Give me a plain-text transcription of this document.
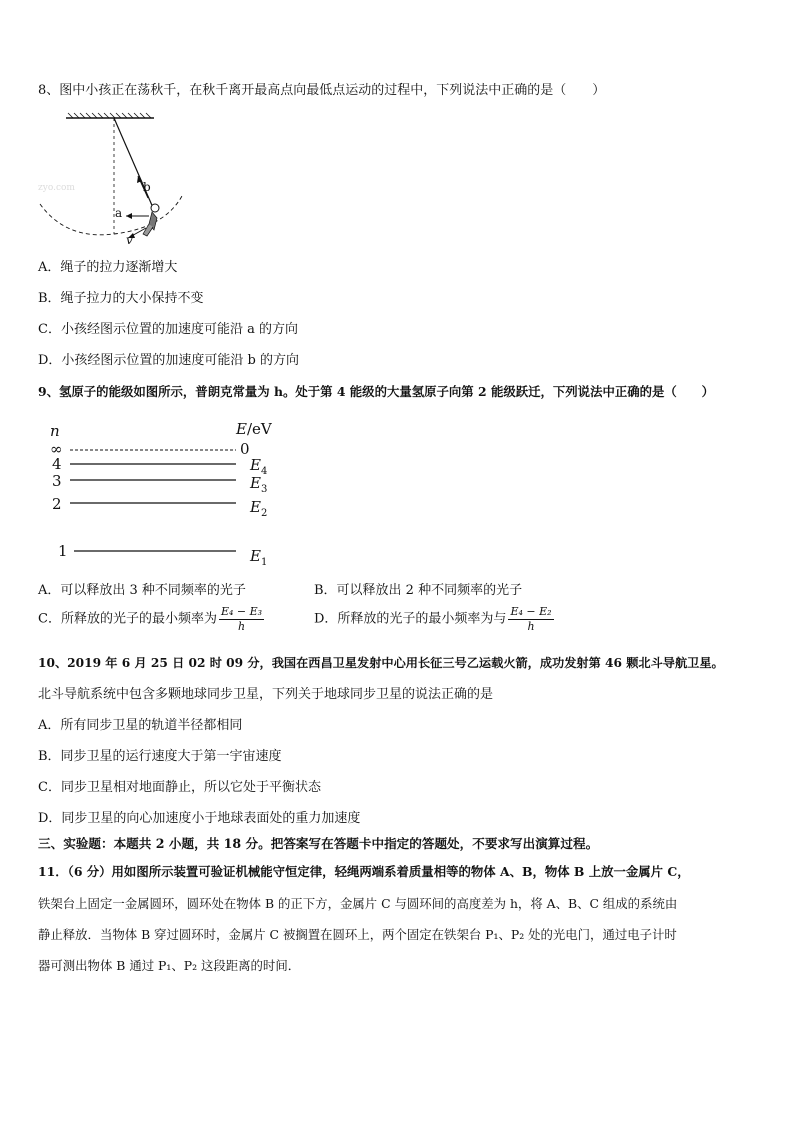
8、图中小孩正在荡秋千，在秋千离开最高点向最低点运动的过程中，下列说法中正确的是（　　）
b
a
v
zyo.com
A．绳子的拉力逐渐增大
B．绳子拉力的大小保持不变
C．小孩经图示位置的加速度可能沿 a 的方向
D．小孩经图示位置的加速度可能沿 b 的方向
9、氢原子的能级如图所示，普朗克常量为 h。处于第 4 能级的大量氢原子向第 2 能级跃迁，下列说法中正确的是（　　）
n	E/eV
∞	0
4	$E_4$
3	$E_3$
2	$E_2$
1	$E_1$
A．可以释放出 3 种不同频率的光子	B．可以释放出 2 种不同频率的光子
C．所释放的光子的最小频率为 $\frac{\text{E₄ − E₃}}{h}$	D．所释放的光子的最小频率为与 $\frac{\text{E₄ − E₂}}{h}$
10、2019 年 6 月 25 日 02 时 09 分，我国在西昌卫星发射中心用长征三号乙运载火箭，成功发射第 46 颗北斗导航卫星。
北斗导航系统中包含多颗地球同步卫星，下列关于地球同步卫星的说法正确的是
A．所有同步卫星的轨道半径都相同
B．同步卫星的运行速度大于第一宇宙速度
C．同步卫星相对地面静止，所以它处于平衡状态
D．同步卫星的向心加速度小于地球表面处的重力加速度
三、实验题：本题共 2 小题，共 18 分。把答案写在答题卡中指定的答题处，不要求写出演算过程。
11．（6 分）用如图所示装置可验证机械能守恒定律，轻绳两端系着质量相等的物体 A、B，物体 B 上放一金属片 C，
铁架台上固定一金属圆环，圆环处在物体 B 的正下方，金属片 C 与圆环间的高度差为 h，将 A、B、C 组成的系统由
静止释放．当物体 B 穿过圆环时，金属片 C 被搁置在圆环上，两个固定在铁架台 P₁、P₂ 处的光电门，通过电子计时
器可测出物体 B 通过 P₁、P₂ 这段距离的时间．
